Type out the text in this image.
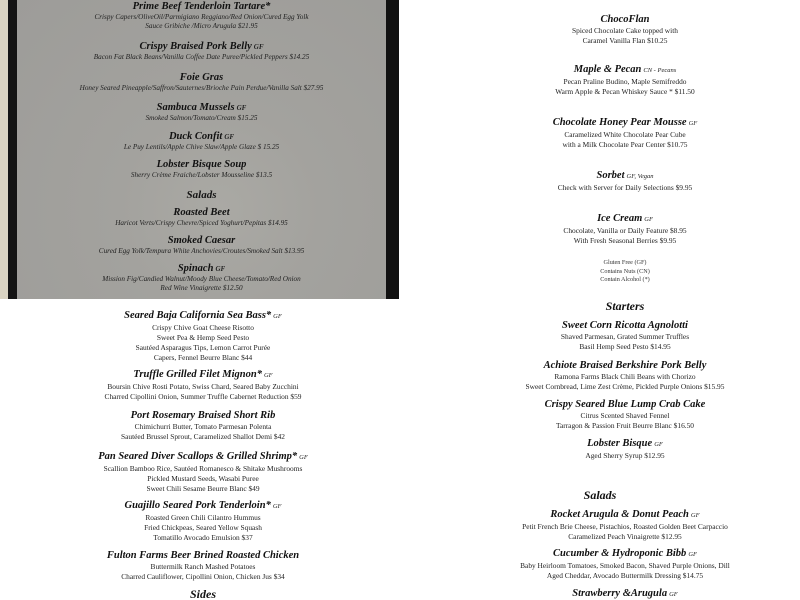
Prime Beef Tenderloin Tartare*
Crispy Capers/OliveOil/Parmigiano Reggiano/Red Onion/Cured Egg Yolk
Sauce Gribiche /Micro Arugula $21.95
Crispy Braised Pork Belly GF
Bacon Fat Black Beans/Vanilla Coffee Date Puree/Pickled Peppers $14.25
Foie Gras
Honey Seared Pineapple/Saffron/Sauternes/Brioche Pain Perdue/Vanilla Salt $27.95
Sambuca Mussels GF
Smoked Salmon/Tomato/Cream $15.25
Duck Confit GF
Le Puy Lentils/Apple Chive Slaw/Apple Glaze $ 15.25
Lobster Bisque Soup
Sherry Crème Fraiche/Lobster Mousseline $13.5
Salads
Roasted Beet
Haricot Verts/Crispy Chevre/Spiced Yoghurt/Pepitas $14.95
Smoked Caesar
Cured Egg Yolk/Tempura White Anchovies/Croutes/Smoked Salt $13.95
Spinach GF
Mission Fig/Candied Walnut/Moody Blue Cheese/Tomato/Red Onion
Red Wine Vinaigrette $12.50
Seared Baja California Sea Bass* GF
Crispy Chive Goat Cheese Risotto
Sweet Pea & Hemp Seed Pesto
Sautéed Asparagus Tips, Lemon Carrot Purée
Capers, Fennel Beurre Blanc $44
Truffle Grilled Filet Mignon* GF
Boursin Chive Rosti Potato, Swiss Chard, Seared Baby Zucchini
Charred Cipollini Onion, Summer Truffle Cabernet Reduction $59
Port Rosemary Braised Short Rib
Chimichurri Butter, Tomato Parmesan Polenta
Sautéed Brussel Sprout, Caramelized Shallot Demi $42
Pan Seared Diver Scallops & Grilled Shrimp* GF
Scallion Bamboo Rice, Sautéed Romanesco & Shitake Mushrooms
Pickled Mustard Seeds, Wasabi Puree
Sweet Chili Sesame Beurre Blanc $49
Guajillo Seared Pork Tenderloin* GF
Roasted Green Chili Cilantro Hummus
Fried Chickpeas, Seared Yellow Squash
Tomatillo Avocado Emulsion $37
Fulton Farms Beer Brined Roasted Chicken
Buttermilk Ranch Mashed Potatoes
Charred Cauliflower, Cipollini Onion, Chicken Jus $34
Sides
ChocoFlan
Spiced Chocolate Cake topped with
Caramel Vanilla Flan $10.25
Maple & Pecan CN - Pecans
Pecan Praline Budino, Maple Semifreddo
Warm Apple & Pecan Whiskey Sauce * $11.50
Chocolate Honey Pear Mousse GF
Caramelized White Chocolate Pear Cube
with a Milk Chocolate Pear Center $10.75
Sorbet GF, Vegan
Check with Server for Daily Selections $9.95
Ice Cream GF
Chocolate, Vanilla or Daily Feature $8.95
With Fresh Seasonal Berries $9.95
Gluten Free (GF)
Contains Nuts (CN)
Contain Alcohol (*)
Starters
Sweet Corn Ricotta Agnolotti
Shaved Parmesan, Grated Summer Truffles
Basil Hemp Seed Pesto $14.95
Achiote Braised Berkshire Pork Belly
Ramona Farms Black Chili Beans with Chorizo
Sweet Cornbread, Lime Zest Crème, Pickled Purple Onions $15.95
Crispy Seared Blue Lump Crab Cake
Citrus Scented Shaved Fennel
Tarragon & Passion Fruit Beurre Blanc $16.50
Lobster Bisque GF
Aged Sherry Syrup $12.95
Salads
Rocket Arugula & Donut Peach GF
Petit French Brie Cheese, Pistachios, Roasted Golden Beet Carpaccio
Caramelized Peach Vinaigrette $12.95
Cucumber & Hydroponic Bibb GF
Baby Heirloom Tomatoes, Smoked Bacon, Shaved Purple Onions, Dill
Aged Cheddar, Avocado Buttermilk Dressing $14.75
Strawberry &Arugula GF
